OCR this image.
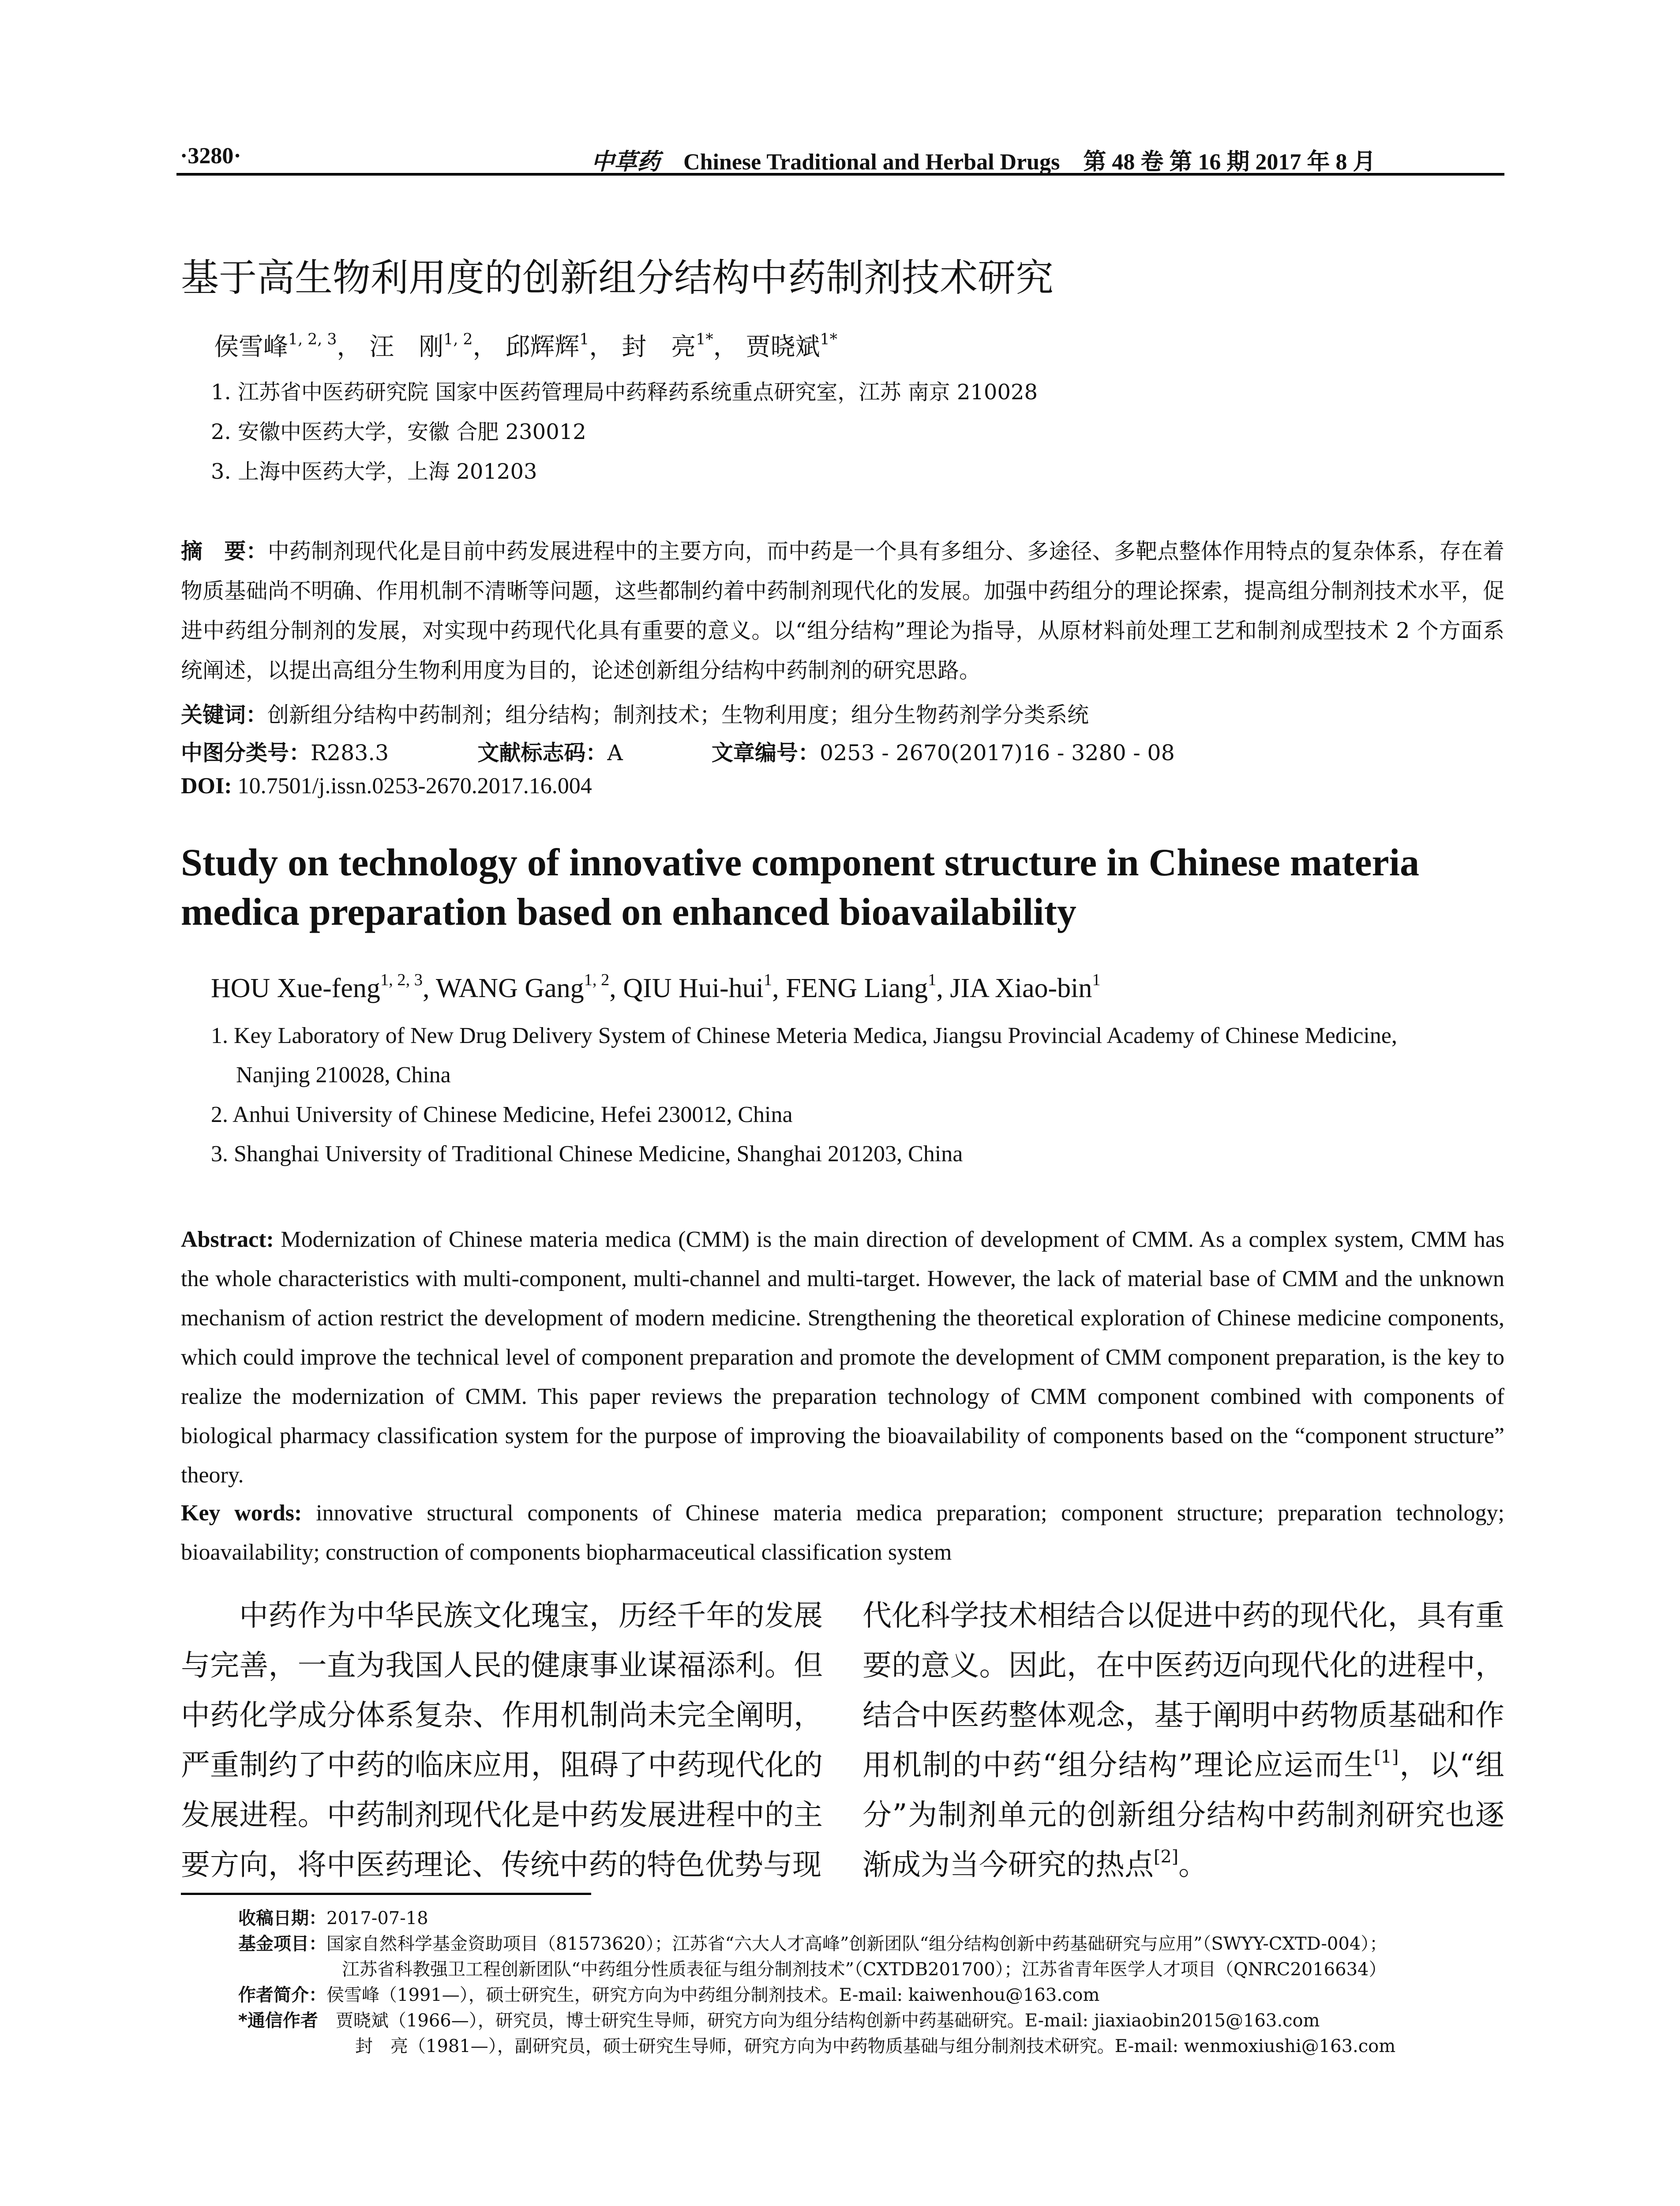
·3280·	中草药 Chinese Traditional and Herbal Drugs 第 48 卷 第 16 期 2017 年 8 月
基于高生物利用度的创新组分结构中药制剂技术研究
侯雪峰$^{1, 2, 3}$， 汪　刚$^{1, 2}$， 邱辉辉$^1$， 封　亮$^{1*}$， 贾晓斌$^{1*}$
1. 江苏省中医药研究院 国家中医药管理局中药释药系统重点研究室，江苏 南京 210028
2. 安徽中医药大学，安徽 合肥 230012
3. 上海中医药大学，上海 201203
摘　要：中药制剂现代化是目前中药发展进程中的主要方向，而中药是一个具有多组分、多途径、多靶点整体作用特点的复杂体系，存在着物质基础尚不明确、作用机制不清晰等问题，这些都制约着中药制剂现代化的发展。加强中药组分的理论探索，提高组分制剂技术水平，促进中药组分制剂的发展，对实现中药现代化具有重要的意义。以“组分结构”理论为指导，从原材料前处理工艺和制剂成型技术 2 个方面系统阐述，以提出高组分生物利用度为目的，论述创新组分结构中药制剂的研究思路。
关键词：创新组分结构中药制剂；组分结构；制剂技术；生物利用度；组分生物药剂学分类系统
中图分类号：R283.3	文献标志码：A	文章编号：0253 - 2670(2017)16 - 3280 - 08
DOI: 10.7501/j.issn.0253-2670.2017.16.004
Study on technology of innovative component structure in Chinese materia medica preparation based on enhanced bioavailability
HOU Xue-feng$^{1, 2, 3}$, WANG Gang$^{1, 2}$, QIU Hui-hui$^1$, FENG Liang$^1$, JIA Xiao-bin$^1$
1. Key Laboratory of New Drug Delivery System of Chinese Meteria Medica, Jiangsu Provincial Academy of Chinese Medicine,
Nanjing 210028, China
2. Anhui University of Chinese Medicine, Hefei 230012, China
3. Shanghai University of Traditional Chinese Medicine, Shanghai 201203, China
Abstract: Modernization of Chinese materia medica (CMM) is the main direction of development of CMM. As a complex system, CMM has the whole characteristics with multi-component, multi-channel and multi-target. However, the lack of material base of CMM and the unknown mechanism of action restrict the development of modern medicine. Strengthening the theoretical exploration of Chinese medicine components, which could improve the technical level of component preparation and promote the development of CMM component preparation, is the key to realize the modernization of CMM. This paper reviews the preparation technology of CMM component combined with components of biological pharmacy classification system for the purpose of improving the bioavailability of components based on the “component structure” theory.
Key words: innovative structural components of Chinese materia medica preparation; component structure; preparation technology; bioavailability; construction of components biopharmaceutical classification system
中药作为中华民族文化瑰宝，历经千年的发展与完善，一直为我国人民的健康事业谋福添利。但中药化学成分体系复杂、作用机制尚未完全阐明，严重制约了中药的临床应用，阻碍了中药现代化的发展进程。中药制剂现代化是中药发展进程中的主要方向，将中医药理论、传统中药的特色优势与现
代化科学技术相结合以促进中药的现代化，具有重要的意义。因此，在中医药迈向现代化的进程中，结合中医药整体观念，基于阐明中药物质基础和作用机制的中药“组分结构”理论应运而生[1]，以“组分”为制剂单元的创新组分结构中药制剂研究也逐渐成为当今研究的热点[2]。
收稿日期：2017-07-18
基金项目：国家自然科学基金资助项目（81573620）；江苏省“六大人才高峰”创新团队“组分结构创新中药基础研究与应用”（SWYY-CXTD-004）；
江苏省科教强卫工程创新团队“中药组分性质表征与组分制剂技术”（CXTDB201700）；江苏省青年医学人才项目（QNRC2016634）
作者简介：侯雪峰（1991—），硕士研究生，研究方向为中药组分制剂技术。E-mail: kaiwenhou@163.com
*通信作者 贾晓斌（1966—），研究员，博士研究生导师，研究方向为组分结构创新中药基础研究。E-mail: jiaxiaobin2015@163.com
封　亮（1981—），副研究员，硕士研究生导师，研究方向为中药物质基础与组分制剂技术研究。E-mail: wenmoxiushi@163.com
